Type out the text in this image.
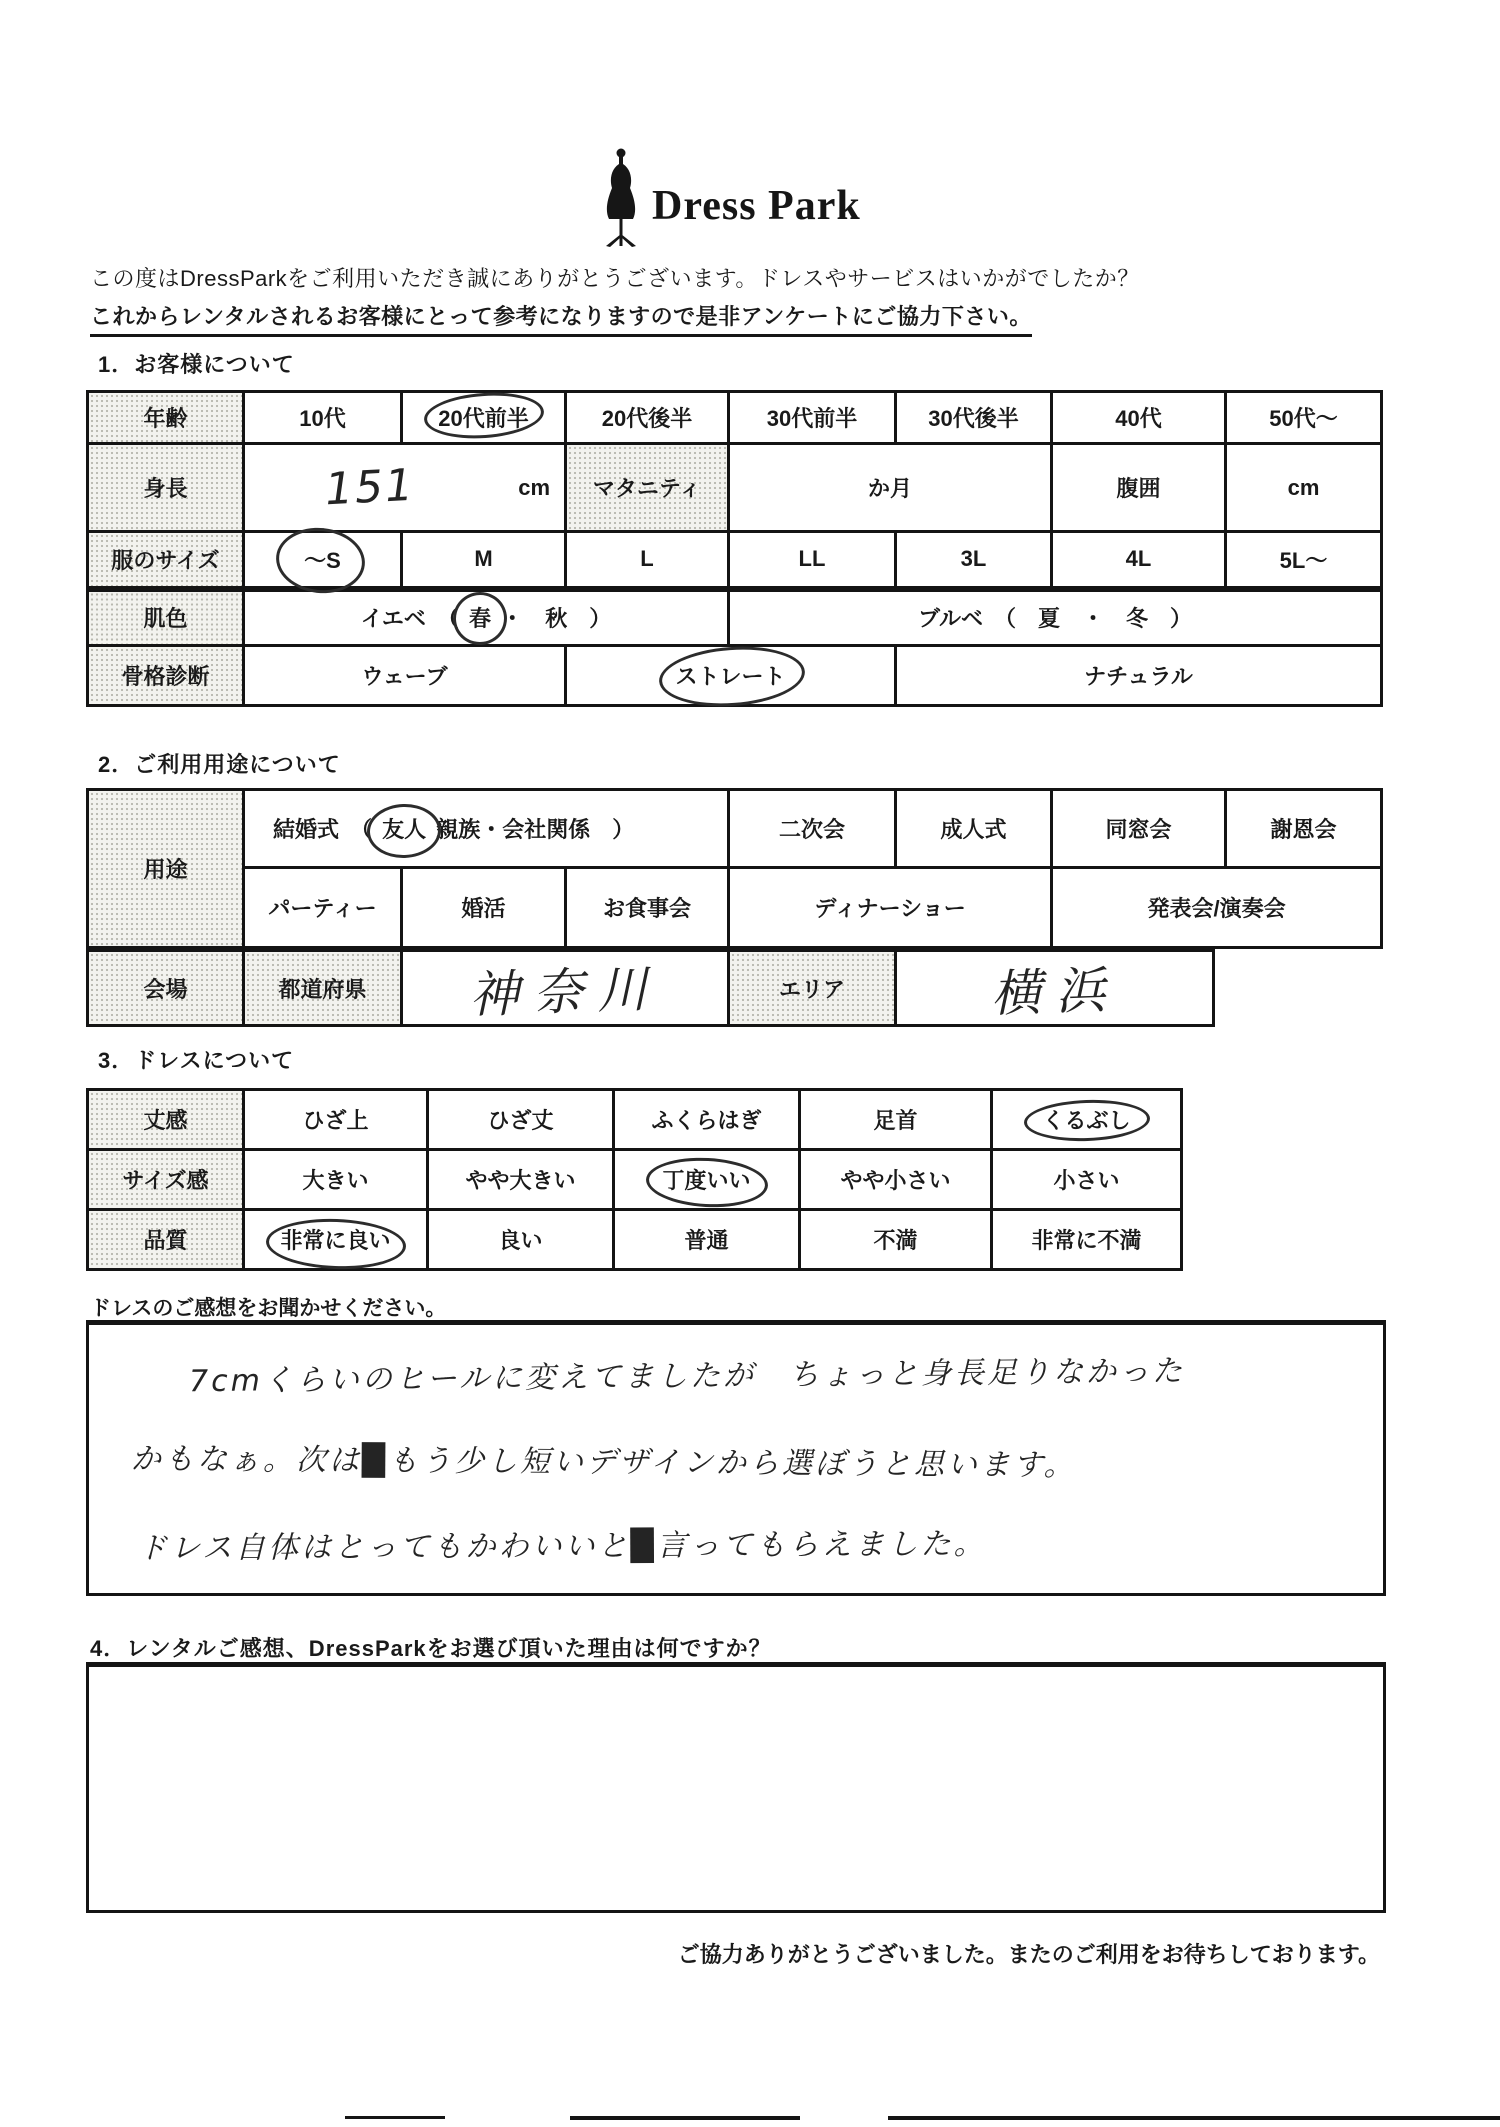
Dress Park
この度はDressParkをご利用いただき誠にありがとうございます。ドレスやサービスはいかがでしたか？
これからレンタルされるお客様にとって参考になりますので是非アンケートにご協力下さい。
1．お客様について
年齢	10代	20代前半	20代後半	30代前半	30代後半	40代	50代〜
身長	151 cm		マタニティ	か月		腹囲	cm
服のサイズ	〜S	M	L	LL	3L	4L	5L〜
肌色	イエベ　（ 春 ・　秋　）			ブルベ　（　夏　・　冬　）			
骨格診断	ウェーブ		ストレート		ナチュラル		
2．ご利用用途について
用途	結婚式　（ 友人 親族・会社関係　）			二次会	成人式	同窓会	謝恩会
	パーティー	婚活	お食事会	ディナーショー		発表会/演奏会	
会場	都道府県	神奈川	エリア	横浜
3．ドレスについて
丈感	ひざ上	ひざ丈	ふくらはぎ	足首	くるぶし
サイズ感	大きい	やや大きい	丁度いい	やや小さい	小さい
品質	非常に良い	良い	普通	不満	非常に不満
ドレスのご感想をお聞かせください。
7cmくらいのヒールに変えてましたが　ちょっと身長足りなかった
かもなぁ。次は█もう少し短いデザインから選ぼうと思います。
ドレス自体はとってもかわいいと█言ってもらえました。
4．レンタルご感想、DressParkをお選び頂いた理由は何ですか？
ご協力ありがとうございました。またのご利用をお待ちしております。
